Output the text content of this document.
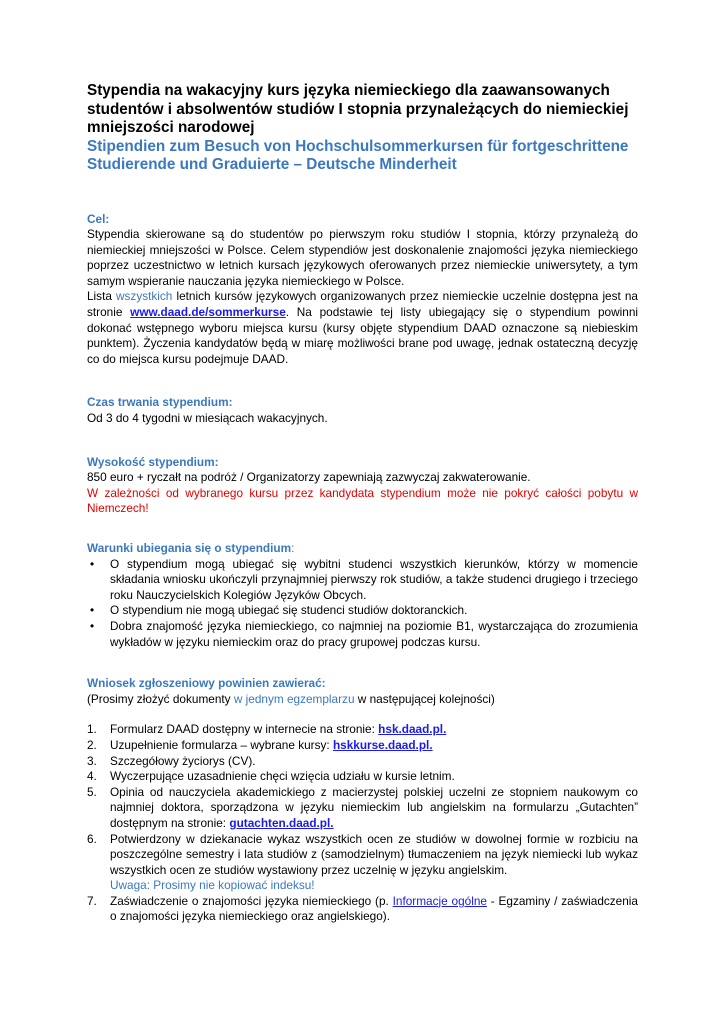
Stypendia na wakacyjny kurs języka niemieckiego dla zaawansowanych studentów i absolwentów studiów I stopnia przynależących do niemieckiej mniejszości narodowej

Stipendien zum Besuch von Hochschulsommerkursen für fortgeschrittene Studierende und Graduierte – Deutsche Minderheit

Cel:

Stypendia skierowane są do studentów po pierwszym roku studiów I stopnia, którzy przynależą do niemieckiej mniejszości w Polsce. Celem stypendiów jest doskonalenie znajomości języka niemieckiego poprzez uczestnictwo w letnich kursach językowych oferowanych przez niemieckie uniwersytety, a tym samym wspieranie nauczania języka niemieckiego w Polsce.

Lista wszystkich letnich kursów językowych organizowanych przez niemieckie uczelnie dostępna jest na stronie www.daad.de/sommerkurse. Na podstawie tej listy ubiegający się o stypendium powinni dokonać wstępnego wyboru miejsca kursu (kursy objęte stypendium DAAD oznaczone są niebieskim punktem). Życzenia kandydatów będą w miarę możliwości brane pod uwagę, jednak ostateczną decyzję co do miejsca kursu podejmuje DAAD.

Czas trwania stypendium:

Od 3 do 4 tygodni w miesiącach wakacyjnych.

Wysokość stypendium:

850 euro + ryczałt na podróż / Organizatorzy zapewniają zazwyczaj zakwaterowanie.

W zależności od wybranego kursu przez kandydata stypendium może nie pokryć całości pobytu w Niemczech!

Warunki ubiegania się o stypendium:

• O stypendium mogą ubiegać się wybitni studenci wszystkich kierunków, którzy w momencie składania wniosku ukończyli przynajmniej pierwszy rok studiów, a także studenci drugiego i trzeciego roku Nauczycielskich Kolegiów Języków Obcych.
• O stypendium nie mogą ubiegać się studenci studiów doktoranckich.
• Dobra znajomość języka niemieckiego, co najmniej na poziomie B1, wystarczająca do zrozumienia wykładów w języku niemieckim oraz do pracy grupowej podczas kursu.

Wniosek zgłoszeniowy powinien zawierać:

(Prosimy złożyć dokumenty w jednym egzemplarzu w następującej kolejności)

1. Formularz DAAD dostępny w internecie na stronie: hsk.daad.pl.
2. Uzupełnienie formularza – wybrane kursy: hskkurse.daad.pl.
3. Szczegółowy życiorys (CV).
4. Wyczerpujące uzasadnienie chęci wzięcia udziału w kursie letnim.
5. Opinia od nauczyciela akademickiego z macierzystej polskiej uczelni ze stopniem naukowym co najmniej doktora, sporządzona w języku niemieckim lub angielskim na formularzu „Gutachten” dostępnym na stronie: gutachten.daad.pl.
6. Potwierdzony w dziekanacie wykaz wszystkich ocen ze studiów w dowolnej formie w rozbiciu na poszczególne semestry i lata studiów z (samodzielnym) tłumaczeniem na język niemiecki lub wykaz wszystkich ocen ze studiów wystawiony przez uczelnię w języku angielskim.
Uwaga: Prosimy nie kopiować indeksu!
7. Zaświadczenie o znajomości języka niemieckiego (p. Informacje ogólne - Egzaminy / zaświadczenia o znajomości języka niemieckiego oraz angielskiego).
